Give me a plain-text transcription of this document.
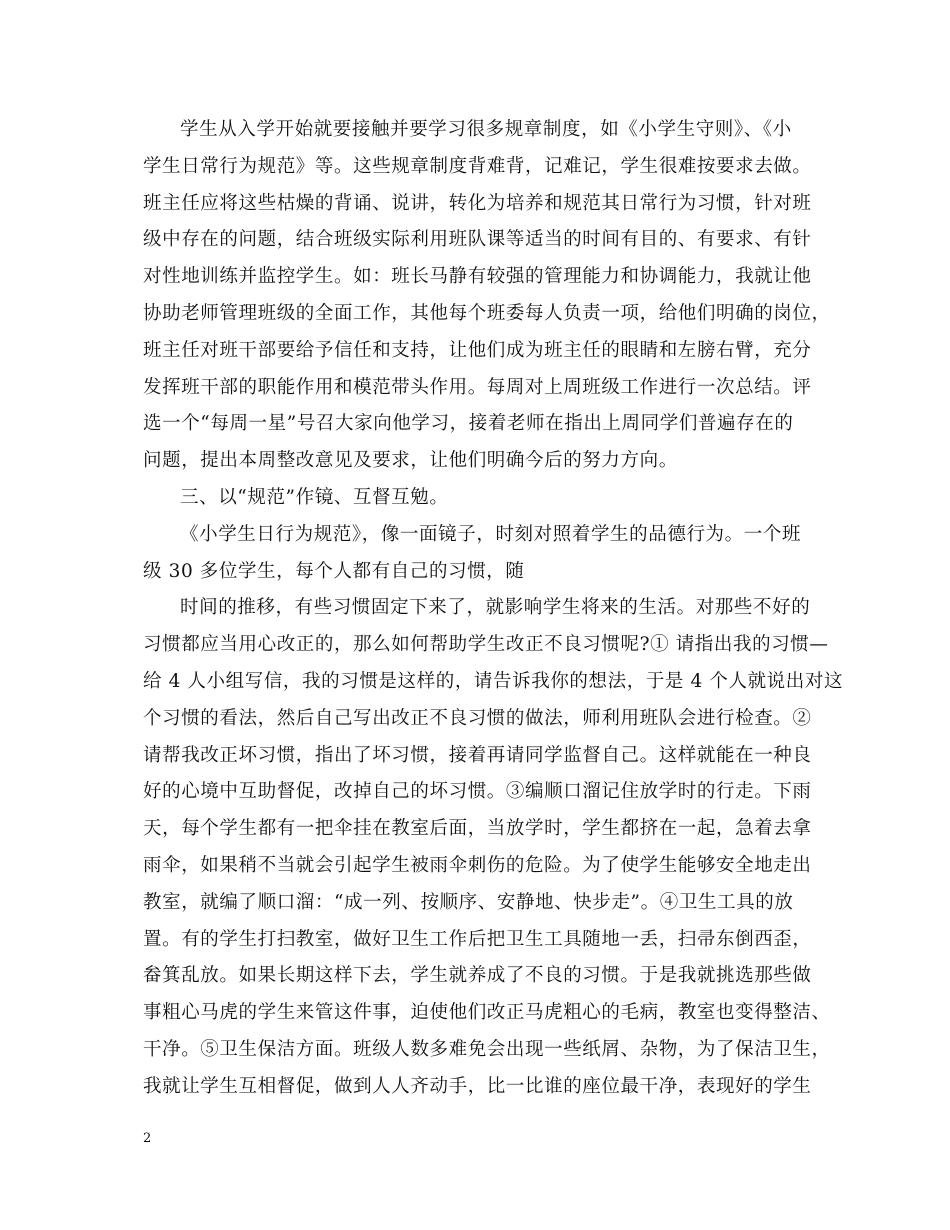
学生从入学开始就要接触并要学习很多规章制度，如《小学生守则》、《小
学生日常行为规范》等。这些规章制度背难背，记难记，学生很难按要求去做。
班主任应将这些枯燥的背诵、说讲，转化为培养和规范其日常行为习惯，针对班
级中存在的问题，结合班级实际利用班队课等适当的时间有目的、有要求、有针
对性地训练并监控学生。如：班长马静有较强的管理能力和协调能力，我就让他
协助老师管理班级的全面工作，其他每个班委每人负责一项，给他们明确的岗位，
班主任对班干部要给予信任和支持，让他们成为班主任的眼睛和左膀右臂，充分
发挥班干部的职能作用和模范带头作用。每周对上周班级工作进行一次总结。评
选一个“每周一星”号召大家向他学习，接着老师在指出上周同学们普遍存在的
问题，提出本周整改意见及要求，让他们明确今后的努力方向。
三、以“规范”作镜、互督互勉。
《小学生日行为规范》，像一面镜子，时刻对照着学生的品德行为。一个班
级 30 多位学生，每个人都有自己的习惯，随
时间的推移，有些习惯固定下来了，就影响学生将来的生活。对那些不好的
习惯都应当用心改正的，那么如何帮助学生改正不良习惯呢?① 请指出我的习惯—
给 4 人小组写信，我的习惯是这样的，请告诉我你的想法，于是 4 个人就说出对这
个习惯的看法，然后自己写出改正不良习惯的做法，师利用班队会进行检查。②
请帮我改正坏习惯，指出了坏习惯，接着再请同学监督自己。这样就能在一种良
好的心境中互助督促，改掉自己的坏习惯。③编顺口溜记住放学时的行走。下雨
天，每个学生都有一把伞挂在教室后面，当放学时，学生都挤在一起，急着去拿
雨伞，如果稍不当就会引起学生被雨伞刺伤的危险。为了使学生能够安全地走出
教室，就编了顺口溜：“成一列、按顺序、安静地、快步走”。④卫生工具的放
置。有的学生打扫教室，做好卫生工作后把卫生工具随地一丢，扫帚东倒西歪，
畚箕乱放。如果长期这样下去，学生就养成了不良的习惯。于是我就挑选那些做
事粗心马虎的学生来管这件事，迫使他们改正马虎粗心的毛病，教室也变得整洁、
干净。⑤卫生保洁方面。班级人数多难免会出现一些纸屑、杂物，为了保洁卫生，
我就让学生互相督促，做到人人齐动手，比一比谁的座位最干净，表现好的学生
2
